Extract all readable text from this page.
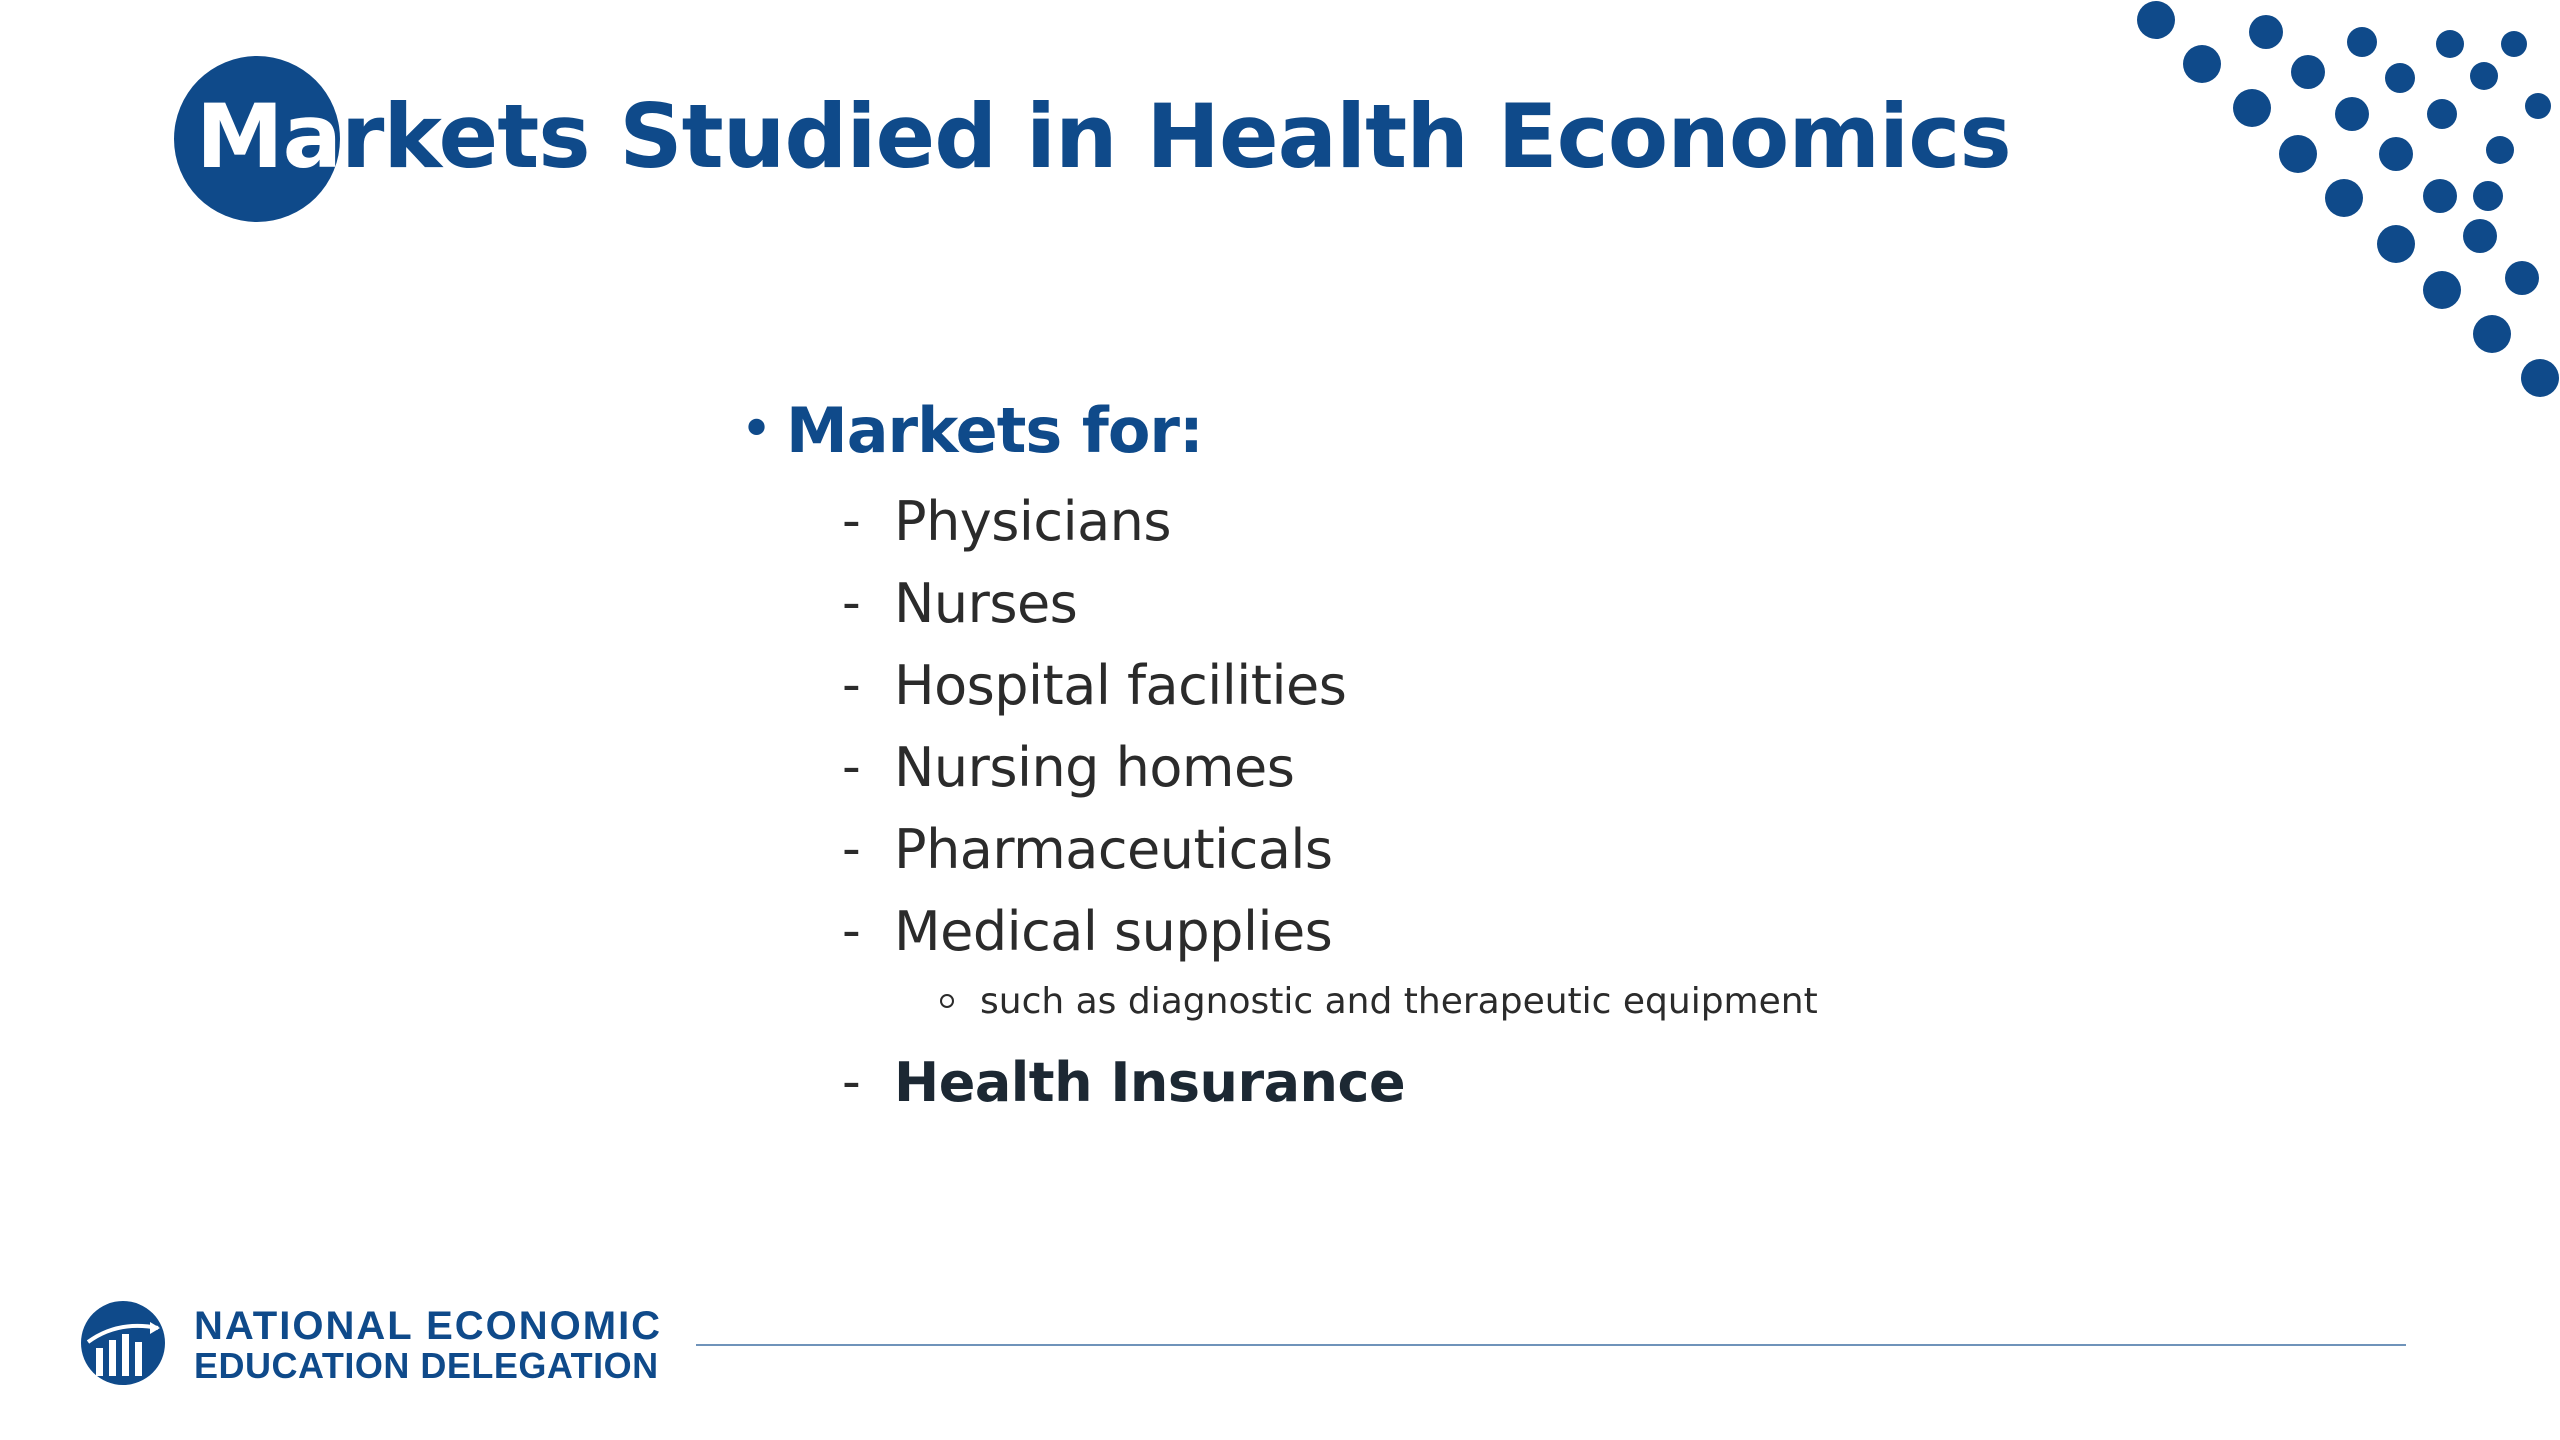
Markets Studied in Health Economics
• Markets for:
- Physicians
- Nurses
- Hospital facilities
- Nursing homes
- Pharmaceuticals
- Medical supplies
such as diagnostic and therapeutic equipment
- Health Insurance
NATIONAL ECONOMIC
EDUCATION DELEGATION
